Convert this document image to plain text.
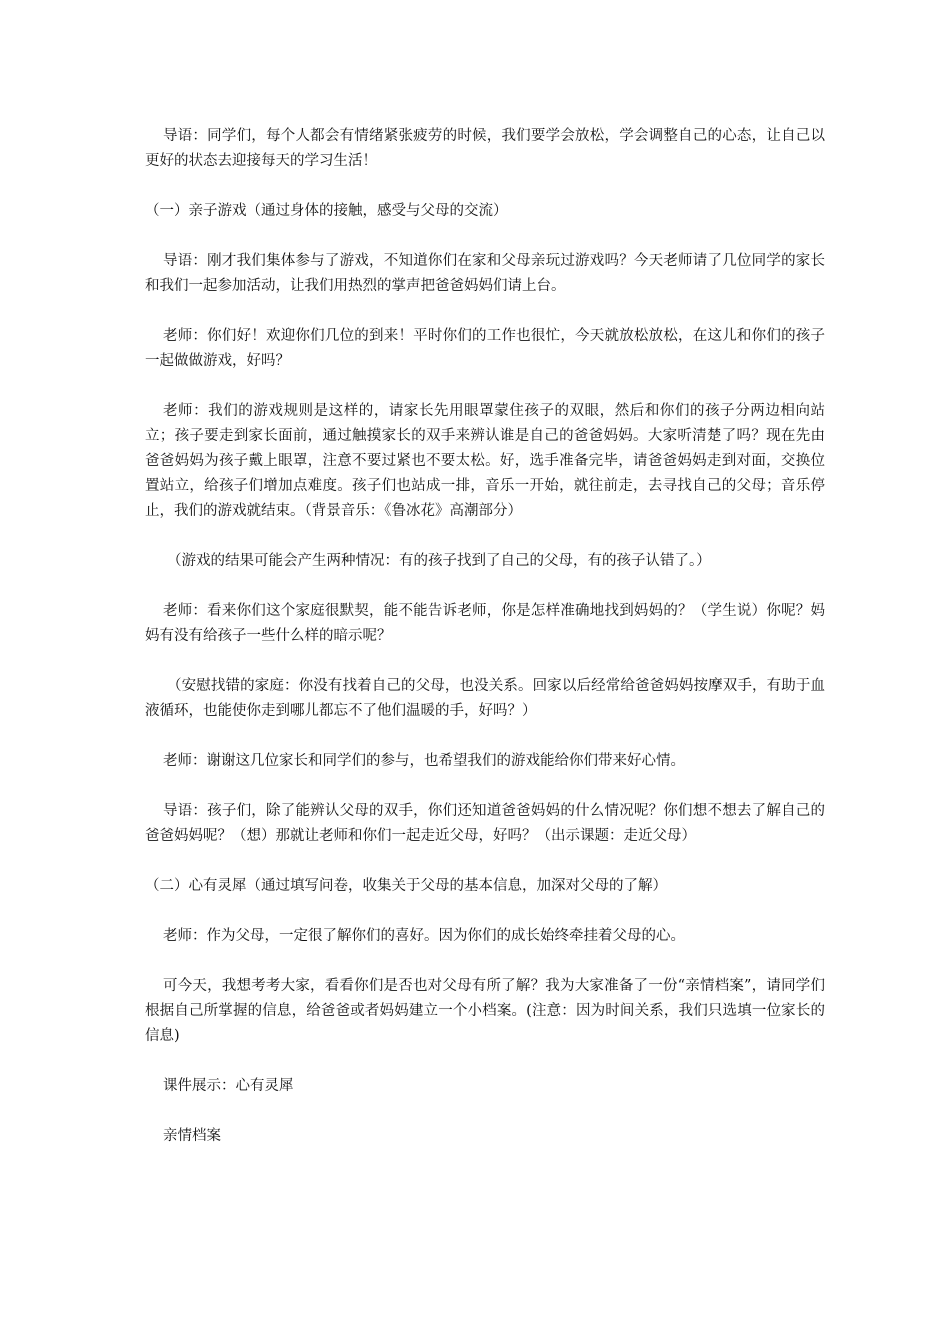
导语：同学们，每个人都会有情绪紧张疲劳的时候，我们要学会放松，学会调整自己的心态，让自己以更好的状态去迎接每天的学习生活！

（一）亲子游戏（通过身体的接触，感受与父母的交流）

导语：刚才我们集体参与了游戏，不知道你们在家和父母亲玩过游戏吗？今天老师请了几位同学的家长和我们一起参加活动，让我们用热烈的掌声把爸爸妈妈们请上台。

老师：你们好！欢迎你们几位的到来！平时你们的工作也很忙，今天就放松放松，在这儿和你们的孩子一起做做游戏，好吗？

老师：我们的游戏规则是这样的，请家长先用眼罩蒙住孩子的双眼，然后和你们的孩子分两边相向站立；孩子要走到家长面前，通过触摸家长的双手来辨认谁是自己的爸爸妈妈。大家听清楚了吗？现在先由爸爸妈妈为孩子戴上眼罩，注意不要过紧也不要太松。好，选手准备完毕，请爸爸妈妈走到对面，交换位置站立，给孩子们增加点难度。孩子们也站成一排，音乐一开始，就往前走，去寻找自己的父母；音乐停止，我们的游戏就结束。（背景音乐：《鲁冰花》高潮部分）

（游戏的结果可能会产生两种情况：有的孩子找到了自己的父母，有的孩子认错了。）

老师：看来你们这个家庭很默契，能不能告诉老师，你是怎样准确地找到妈妈的？（学生说）你呢？妈妈有没有给孩子一些什么样的暗示呢？

（安慰找错的家庭：你没有找着自己的父母，也没关系。回家以后经常给爸爸妈妈按摩双手，有助于血液循环，也能使你走到哪儿都忘不了他们温暖的手，好吗？）

老师：谢谢这几位家长和同学们的参与，也希望我们的游戏能给你们带来好心情。

导语：孩子们，除了能辨认父母的双手，你们还知道爸爸妈妈的什么情况呢？你们想不想去了解自己的爸爸妈妈呢？（想）那就让老师和你们一起走近父母，好吗？（出示课题：走近父母）

（二）心有灵犀（通过填写问卷，收集关于父母的基本信息，加深对父母的了解）

老师：作为父母，一定很了解你们的喜好。因为你们的成长始终牵挂着父母的心。

可今天，我想考考大家，看看你们是否也对父母有所了解？我为大家准备了一份“亲情档案”，请同学们根据自己所掌握的信息，给爸爸或者妈妈建立一个小档案。(注意：因为时间关系，我们只选填一位家长的信息)

课件展示：心有灵犀

亲情档案
